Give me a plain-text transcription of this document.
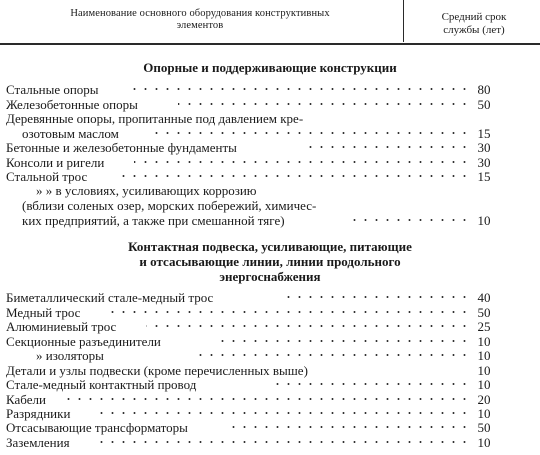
Наименование основного оборудования конструктивных
элементов
Средний срок
службы (лет)
Опорные и поддерживающие конструкции
Стальные опоры	80
Железобетонные опоры	50
Деревянные опоры, пропитанные под давлением кре-
озотовым маслом	15
Бетонные и железобетонные фундаменты	30
Консоли и ригели	30
Стальной трос	15
» » в условиях, усиливающих коррозию
(вблизи соленых озер, морских побережий, химичес-
ких предприятий, а также при смешанной тяге)	10
Контактная подвеска, усиливающие, питающие
и отсасывающие линии, линии продольного
энергоснабжения
Биметаллический сталe-медный трос	40
Медный трос	50
Алюминиевый трос	25
Секционные разъединители	10
» изоляторы	10
Детали и узлы подвески (кроме перечисленных выше)	10
Стале-медный контактный провод	10
Кабели	20
Разрядники	10
Отсасывающие трансформаторы	50
Заземления	10
